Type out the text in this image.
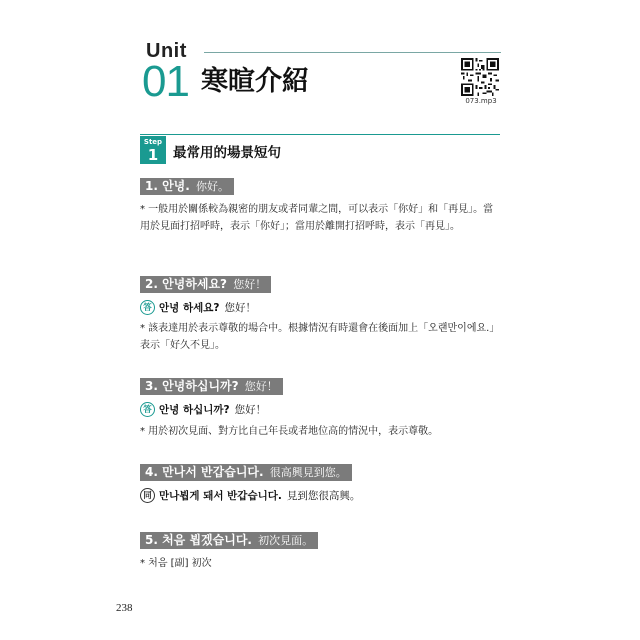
Unit
01 寒暄介紹
073.mp3
Step
1	最常用的場景短句
1. 안녕. 你好。
* 一般用於關係較為親密的朋友或者同輩之間，可以表示「你好」和「再見」。當用於見面打招呼時，表示「你好」；當用於離開打招呼時，表示「再見」。
2. 안녕하세요? 您好！
答 안녕 하세요? 您好！
* 該表達用於表示尊敬的場合中。根據情況有時還會在後面加上「오랜만이에요.」表示「好久不見」。
3. 안녕하십니까? 您好！
答 안녕 하십니까? 您好！
* 用於初次見面、對方比自己年長或者地位高的情況中，表示尊敬。
4. 만나서 반갑습니다. 很高興見到您。
同 만나뵙게 돼서 반갑습니다. 見到您很高興。
5. 처음 뵙겠습니다. 初次見面。
* 처음 [副] 初次
238
